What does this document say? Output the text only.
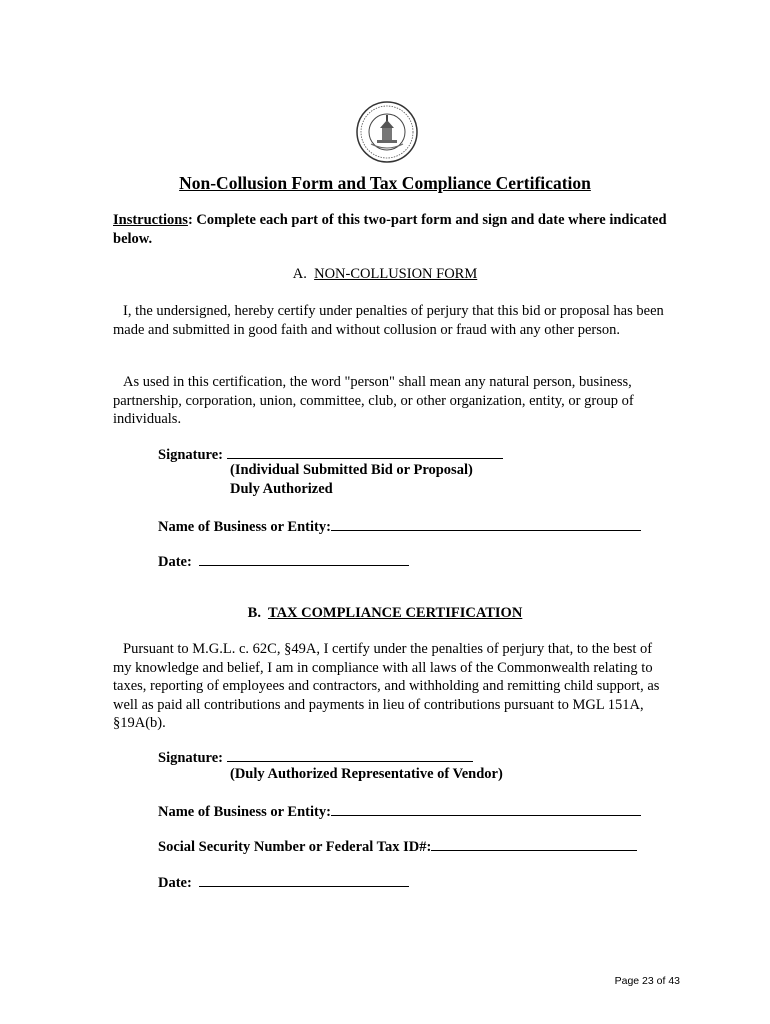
Non-Collusion Form and Tax Compliance Certification
Instructions: Complete each part of this two-part form and sign and date where indicated below.
A. NON-COLLUSION FORM
I, the undersigned, hereby certify under penalties of perjury that this bid or proposal has been made and submitted in good faith and without collusion or fraud with any other person.
As used in this certification, the word "person" shall mean any natural person, business, partnership, corporation, union, committee, club, or other organization, entity, or group of individuals.
Signature:
(Individual Submitted Bid or Proposal)
Duly Authorized
Name of Business or Entity:
Date:
B. TAX COMPLIANCE CERTIFICATION
Pursuant to M.G.L. c. 62C, §49A, I certify under the penalties of perjury that, to the best of my knowledge and belief, I am in compliance with all laws of the Commonwealth relating to taxes, reporting of employees and contractors, and withholding and remitting child support, as well as paid all contributions and payments in lieu of contributions pursuant to MGL 151A, §19A(b).
Signature:
(Duly Authorized Representative of Vendor)
Name of Business or Entity:
Social Security Number or Federal Tax ID#:
Date:
Page 23 of 43
